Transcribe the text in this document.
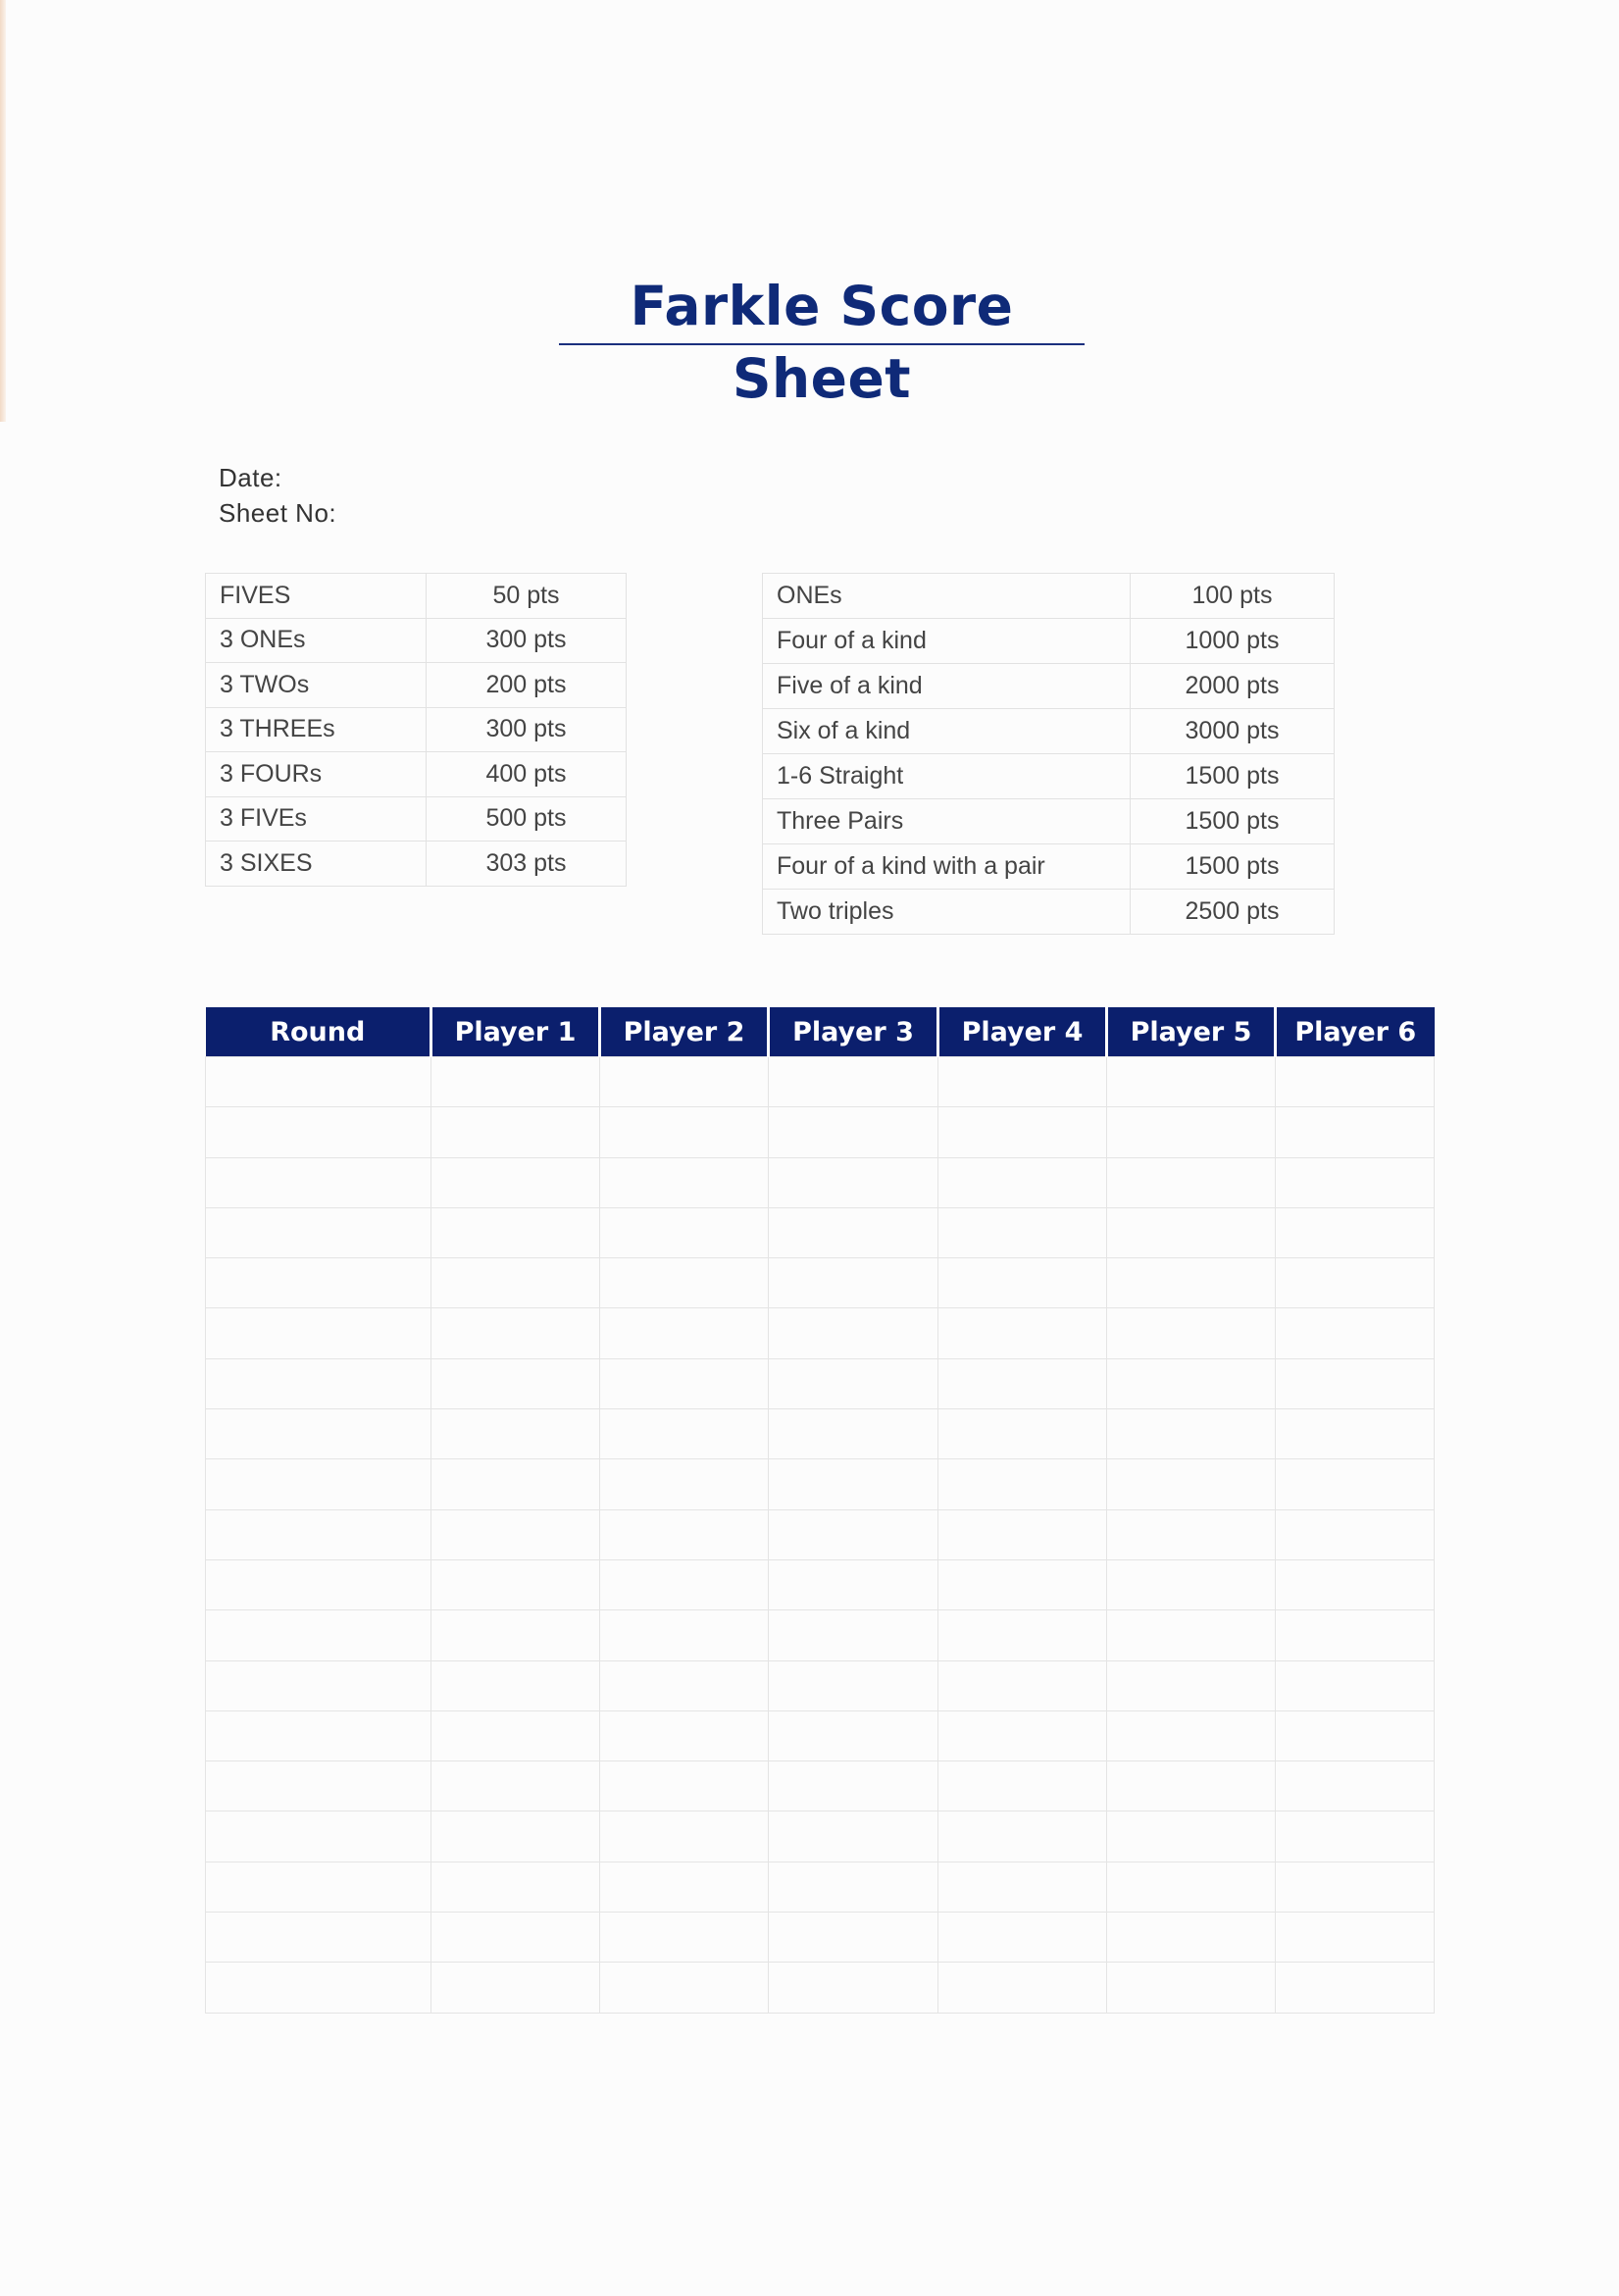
Farkle Score Sheet
Date:
Sheet No:
FIVES	50 pts
3 ONEs	300 pts
3 TWOs	200 pts
3 THREEs	300 pts
3 FOURs	400 pts
3 FIVEs	500 pts
3 SIXES	303 pts
ONEs	100 pts
Four of a kind	1000 pts
Five of a kind	2000 pts
Six of a kind	3000 pts
1-6 Straight	1500 pts
Three Pairs	1500 pts
Four of a kind with a pair	1500 pts
Two triples	2500 pts
Round	Player 1	Player 2	Player 3	Player 4	Player 5	Player 6
